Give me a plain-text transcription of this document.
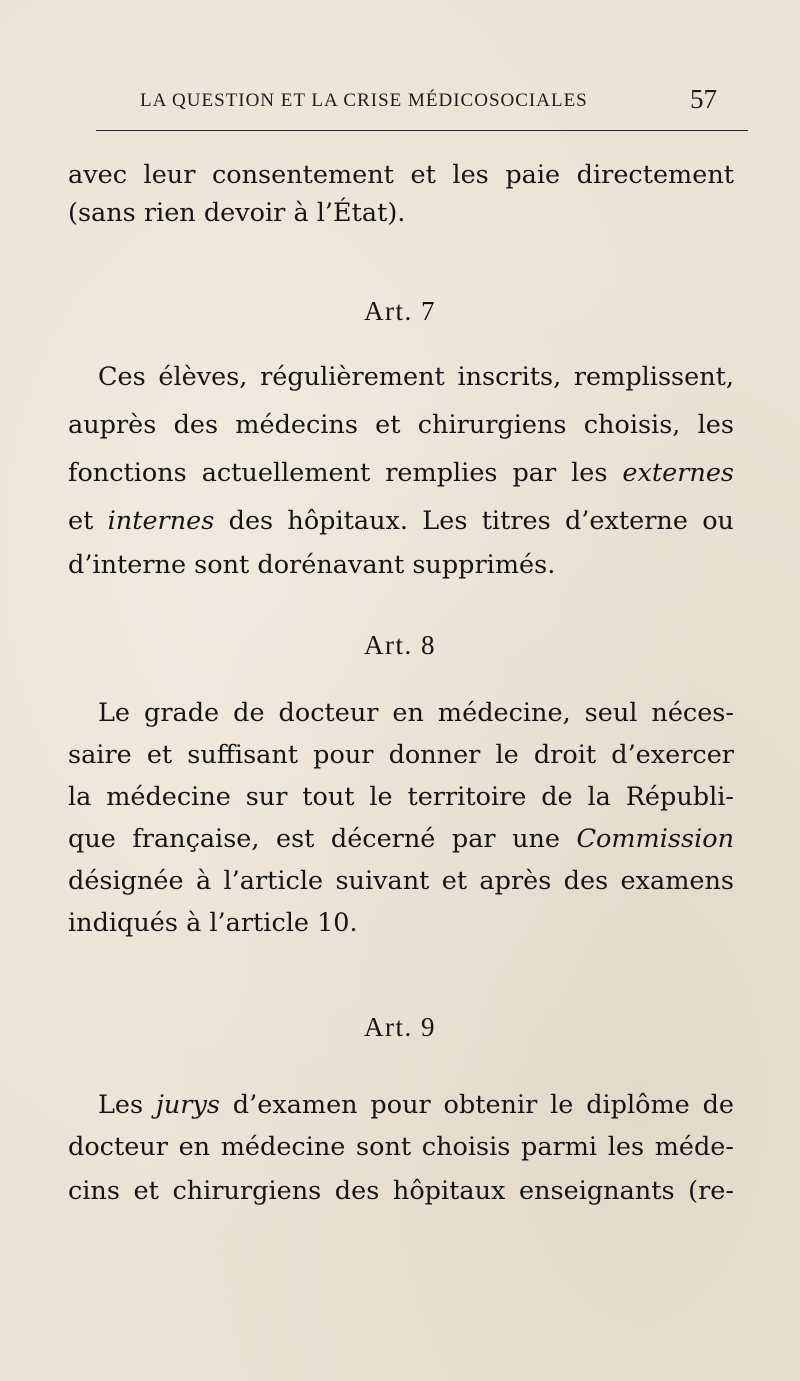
LA QUESTION ET LA CRISE MÉDICOSOCIALES	57
avec leur consentement et les paie directement
(sans rien devoir à l’État).
Art. 7
Ces élèves, régulièrement inscrits, remplissent,
auprès des médecins et chirurgiens choisis, les
fonctions actuellement remplies par les externes
et internes des hôpitaux. Les titres d’externe ou
d’interne sont dorénavant supprimés.
Art. 8
Le grade de docteur en médecine, seul néces-
saire et suffisant pour donner le droit d’exercer
la médecine sur tout le territoire de la Républi-
que française, est décerné par une Commission
désignée à l’article suivant et après des examens
indiqués à l’article 10.
Art. 9
Les jurys d’examen pour obtenir le diplôme de
docteur en médecine sont choisis parmi les méde-
cins et chirurgiens des hôpitaux enseignants (re-
